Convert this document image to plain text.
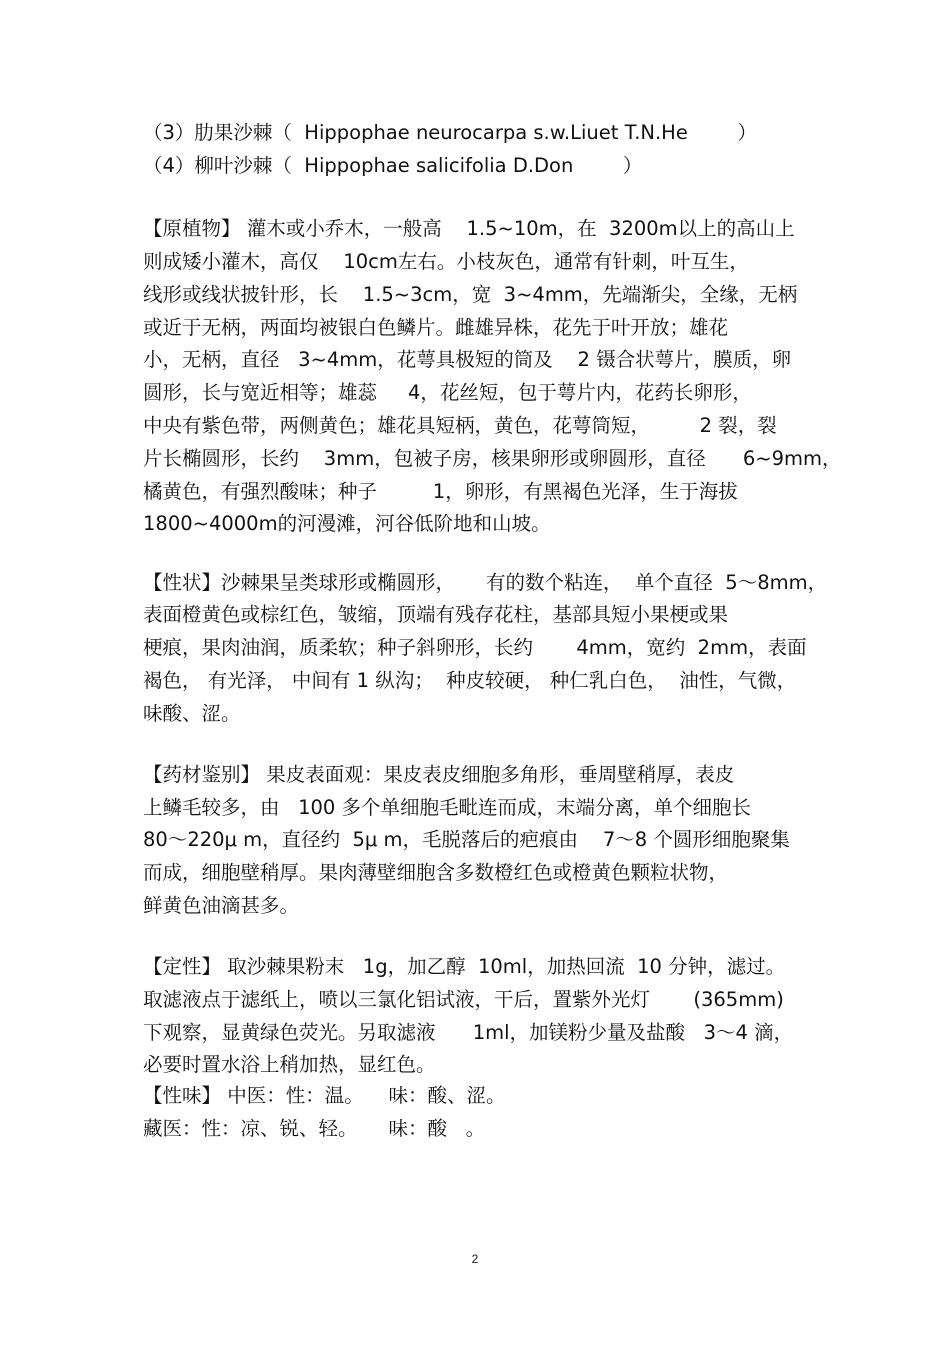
（3）肋果沙棘（  Hippophae neurocarpa s.w.Liuet T.N.He        ）
（4）柳叶沙棘（  Hippophae salicifolia D.Don        ）
【原植物】 灌木或小乔木，一般高    1.5~10m，在  3200m以上的高山上
则成矮小灌木，高仅    10cm左右。小枝灰色，通常有针刺，叶互生，
线形或线状披针形，长    1.5~3cm，宽  3~4mm，先端渐尖，全缘，无柄
或近于无柄，两面均被银白色鳞片。雌雄异株，花先于叶开放；雄花
小，无柄，直径   3~4mm，花萼具极短的筒及    2 镊合状萼片，膜质，卵
圆形，长与宽近相等；雄蕊     4，花丝短，包于萼片内，花药长卵形，
中央有紫色带，两侧黄色；雄花具短柄，黄色，花萼筒短，        2 裂，裂
片长椭圆形，长约    3mm，包被子房，核果卵形或卵圆形，直径      6~9mm，
橘黄色，有强烈酸味；种子         1，卵形，有黑褐色光泽，生于海拔
1800~4000m的河漫滩，河谷低阶地和山坡。
【性状】沙棘果呈类球形或椭圆形，     有的数个粘连，  单个直径  5～8mm，
表面橙黄色或棕红色，皱缩，顶端有残存花柱，基部具短小果梗或果
梗痕，果肉油润，质柔软；种子斜卵形，长约       4mm，宽约  2mm，表面
褐色， 有光泽， 中间有 1 纵沟；  种皮较硬， 种仁乳白色，  油性，气微，
味酸、涩。
【药材鉴别】 果皮表面观：果皮表皮细胞多角形，垂周壁稍厚，表皮
上鳞毛较多，由   100 多个单细胞毛毗连而成，末端分离，单个细胞长
80～220μ m，直径约  5μ m，毛脱落后的疤痕由    7～8 个圆形细胞聚集
而成，细胞壁稍厚。果肉薄壁细胞含多数橙红色或橙黄色颗粒状物，
鲜黄色油滴甚多。
【定性】 取沙棘果粉末   1g，加乙醇  10ml，加热回流  10 分钟，滤过。
取滤液点于滤纸上，喷以三氯化铝试液，干后，置紫外光灯       (365mm)
下观察，显黄绿色荧光。另取滤液      1ml，加镁粉少量及盐酸   3～4 滴，
必要时置水浴上稍加热，显红色。
【性味】 中医：性：温。    味：酸、涩。
藏医：性：凉、锐、轻。     味：酸   。
2
